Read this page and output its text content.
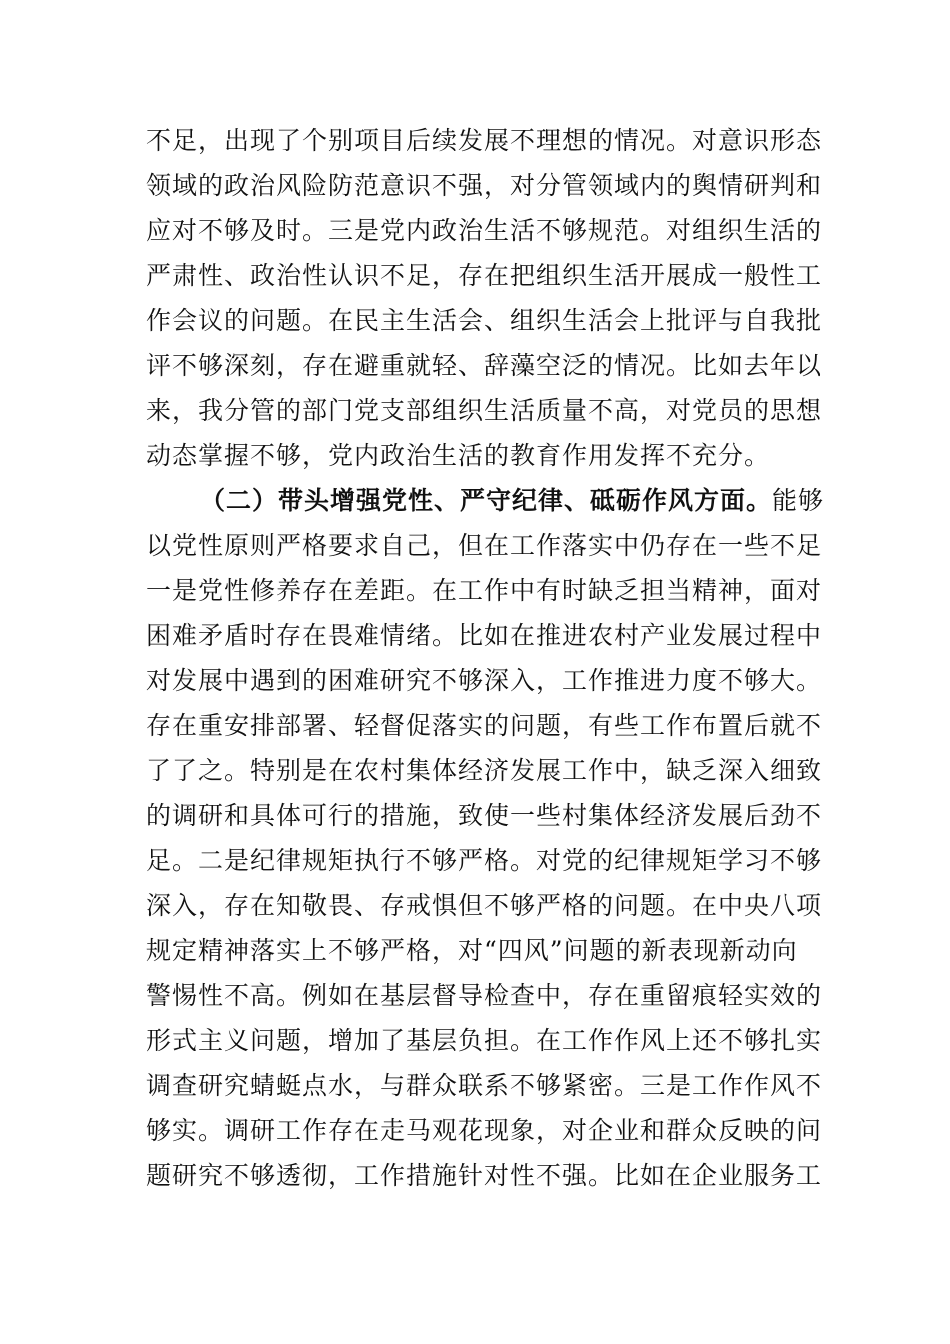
不足，出现了个别项目后续发展不理想的情况。对意识形态
领域的政治风险防范意识不强，对分管领域内的舆情研判和
应对不够及时。三是党内政治生活不够规范。对组织生活的
严肃性、政治性认识不足，存在把组织生活开展成一般性工
作会议的问题。在民主生活会、组织生活会上批评与自我批
评不够深刻，存在避重就轻、辞藻空泛的情况。比如去年以
来，我分管的部门党支部组织生活质量不高，对党员的思想
动态掌握不够，党内政治生活的教育作用发挥不充分。
（二）带头增强党性、严守纪律、砥砺作风方面。能够
以党性原则严格要求自己，但在工作落实中仍存在一些不足
一是党性修养存在差距。在工作中有时缺乏担当精神，面对
困难矛盾时存在畏难情绪。比如在推进农村产业发展过程中
对发展中遇到的困难研究不够深入，工作推进力度不够大。
存在重安排部署、轻督促落实的问题，有些工作布置后就不
了了之。特别是在农村集体经济发展工作中，缺乏深入细致
的调研和具体可行的措施，致使一些村集体经济发展后劲不
足。二是纪律规矩执行不够严格。对党的纪律规矩学习不够
深入，存在知敬畏、存戒惧但不够严格的问题。在中央八项
规定精神落实上不够严格，对“四风”问题的新表现新动向
警惕性不高。例如在基层督导检查中，存在重留痕轻实效的
形式主义问题，增加了基层负担。在工作作风上还不够扎实
调查研究蜻蜓点水，与群众联系不够紧密。三是工作作风不
够实。调研工作存在走马观花现象，对企业和群众反映的问
题研究不够透彻，工作措施针对性不强。比如在企业服务工
